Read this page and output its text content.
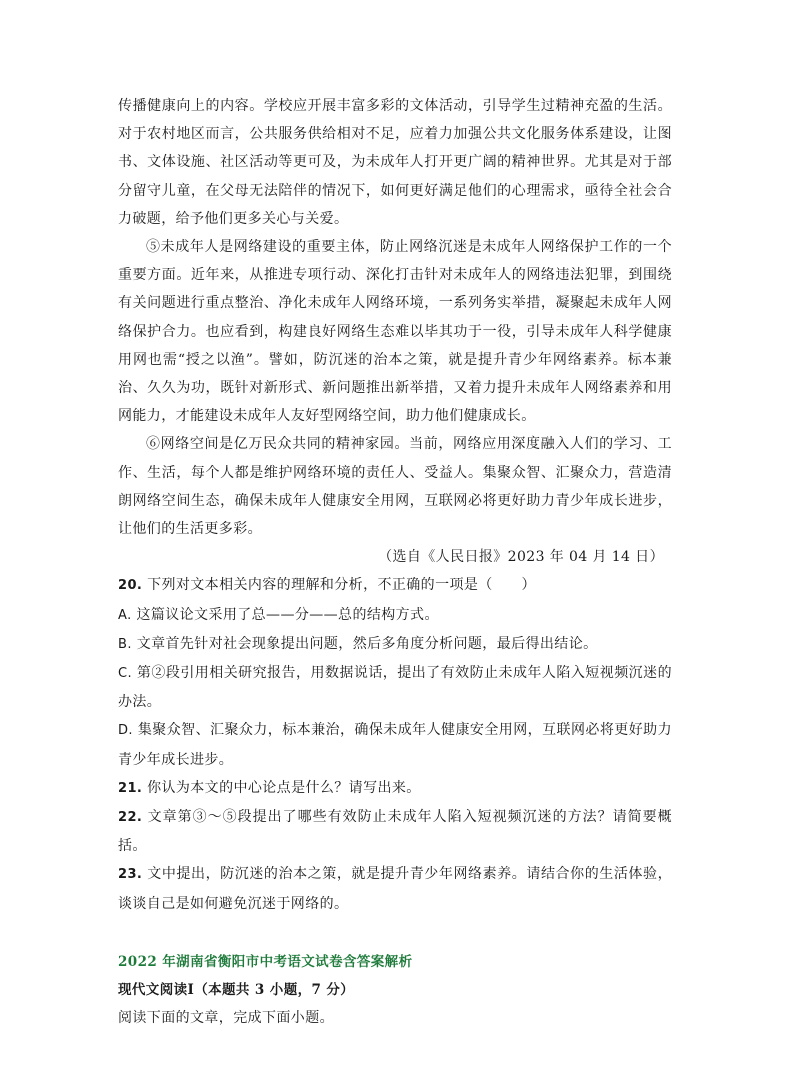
传播健康向上的内容。学校应开展丰富多彩的文体活动，引导学生过精神充盈的生活。对于农村地区而言，公共服务供给相对不足，应着力加强公共文化服务体系建设，让图书、文体设施、社区活动等更可及，为未成年人打开更广阔的精神世界。尤其是对于部分留守儿童，在父母无法陪伴的情况下，如何更好满足他们的心理需求，亟待全社会合力破题，给予他们更多关心与关爱。

⑤未成年人是网络建设的重要主体，防止网络沉迷是未成年人网络保护工作的一个重要方面。近年来，从推进专项行动、深化打击针对未成年人的网络违法犯罪，到围绕有关问题进行重点整治、净化未成年人网络环境，一系列务实举措，凝聚起未成年人网络保护合力。也应看到，构建良好网络生态难以毕其功于一役，引导未成年人科学健康用网也需“授之以渔”。譬如，防沉迷的治本之策，就是提升青少年网络素养。标本兼治、久久为功，既针对新形式、新问题推出新举措，又着力提升未成年人网络素养和用网能力，才能建设未成年人友好型网络空间，助力他们健康成长。

⑥网络空间是亿万民众共同的精神家园。当前，网络应用深度融入人们的学习、工作、生活，每个人都是维护网络环境的责任人、受益人。集聚众智、汇聚众力，营造清朗网络空间生态，确保未成年人健康安全用网，互联网必将更好助力青少年成长进步，让他们的生活更多彩。

（选自《人民日报》2023 年 04 月 14 日）

20. 下列对文本相关内容的理解和分析，不正确的一项是（　　）

A. 这篇议论文采用了总——分——总的结构方式。

B. 文章首先针对社会现象提出问题，然后多角度分析问题，最后得出结论。

C. 第②段引用相关研究报告，用数据说话，提出了有效防止未成年人陷入短视频沉迷的办法。

D. 集聚众智、汇聚众力，标本兼治，确保未成年人健康安全用网，互联网必将更好助力青少年成长进步。

21. 你认为本文的中心论点是什么？请写出来。

22. 文章第③～⑤段提出了哪些有效防止未成年人陷入短视频沉迷的方法？请简要概括。

23. 文中提出，防沉迷的治本之策，就是提升青少年网络素养。请结合你的生活体验，谈谈自己是如何避免沉迷于网络的。

2022 年湖南省衡阳市中考语文试卷含答案解析

现代文阅读Ⅰ（本题共 3 小题，7 分）

阅读下面的文章，完成下面小题。
